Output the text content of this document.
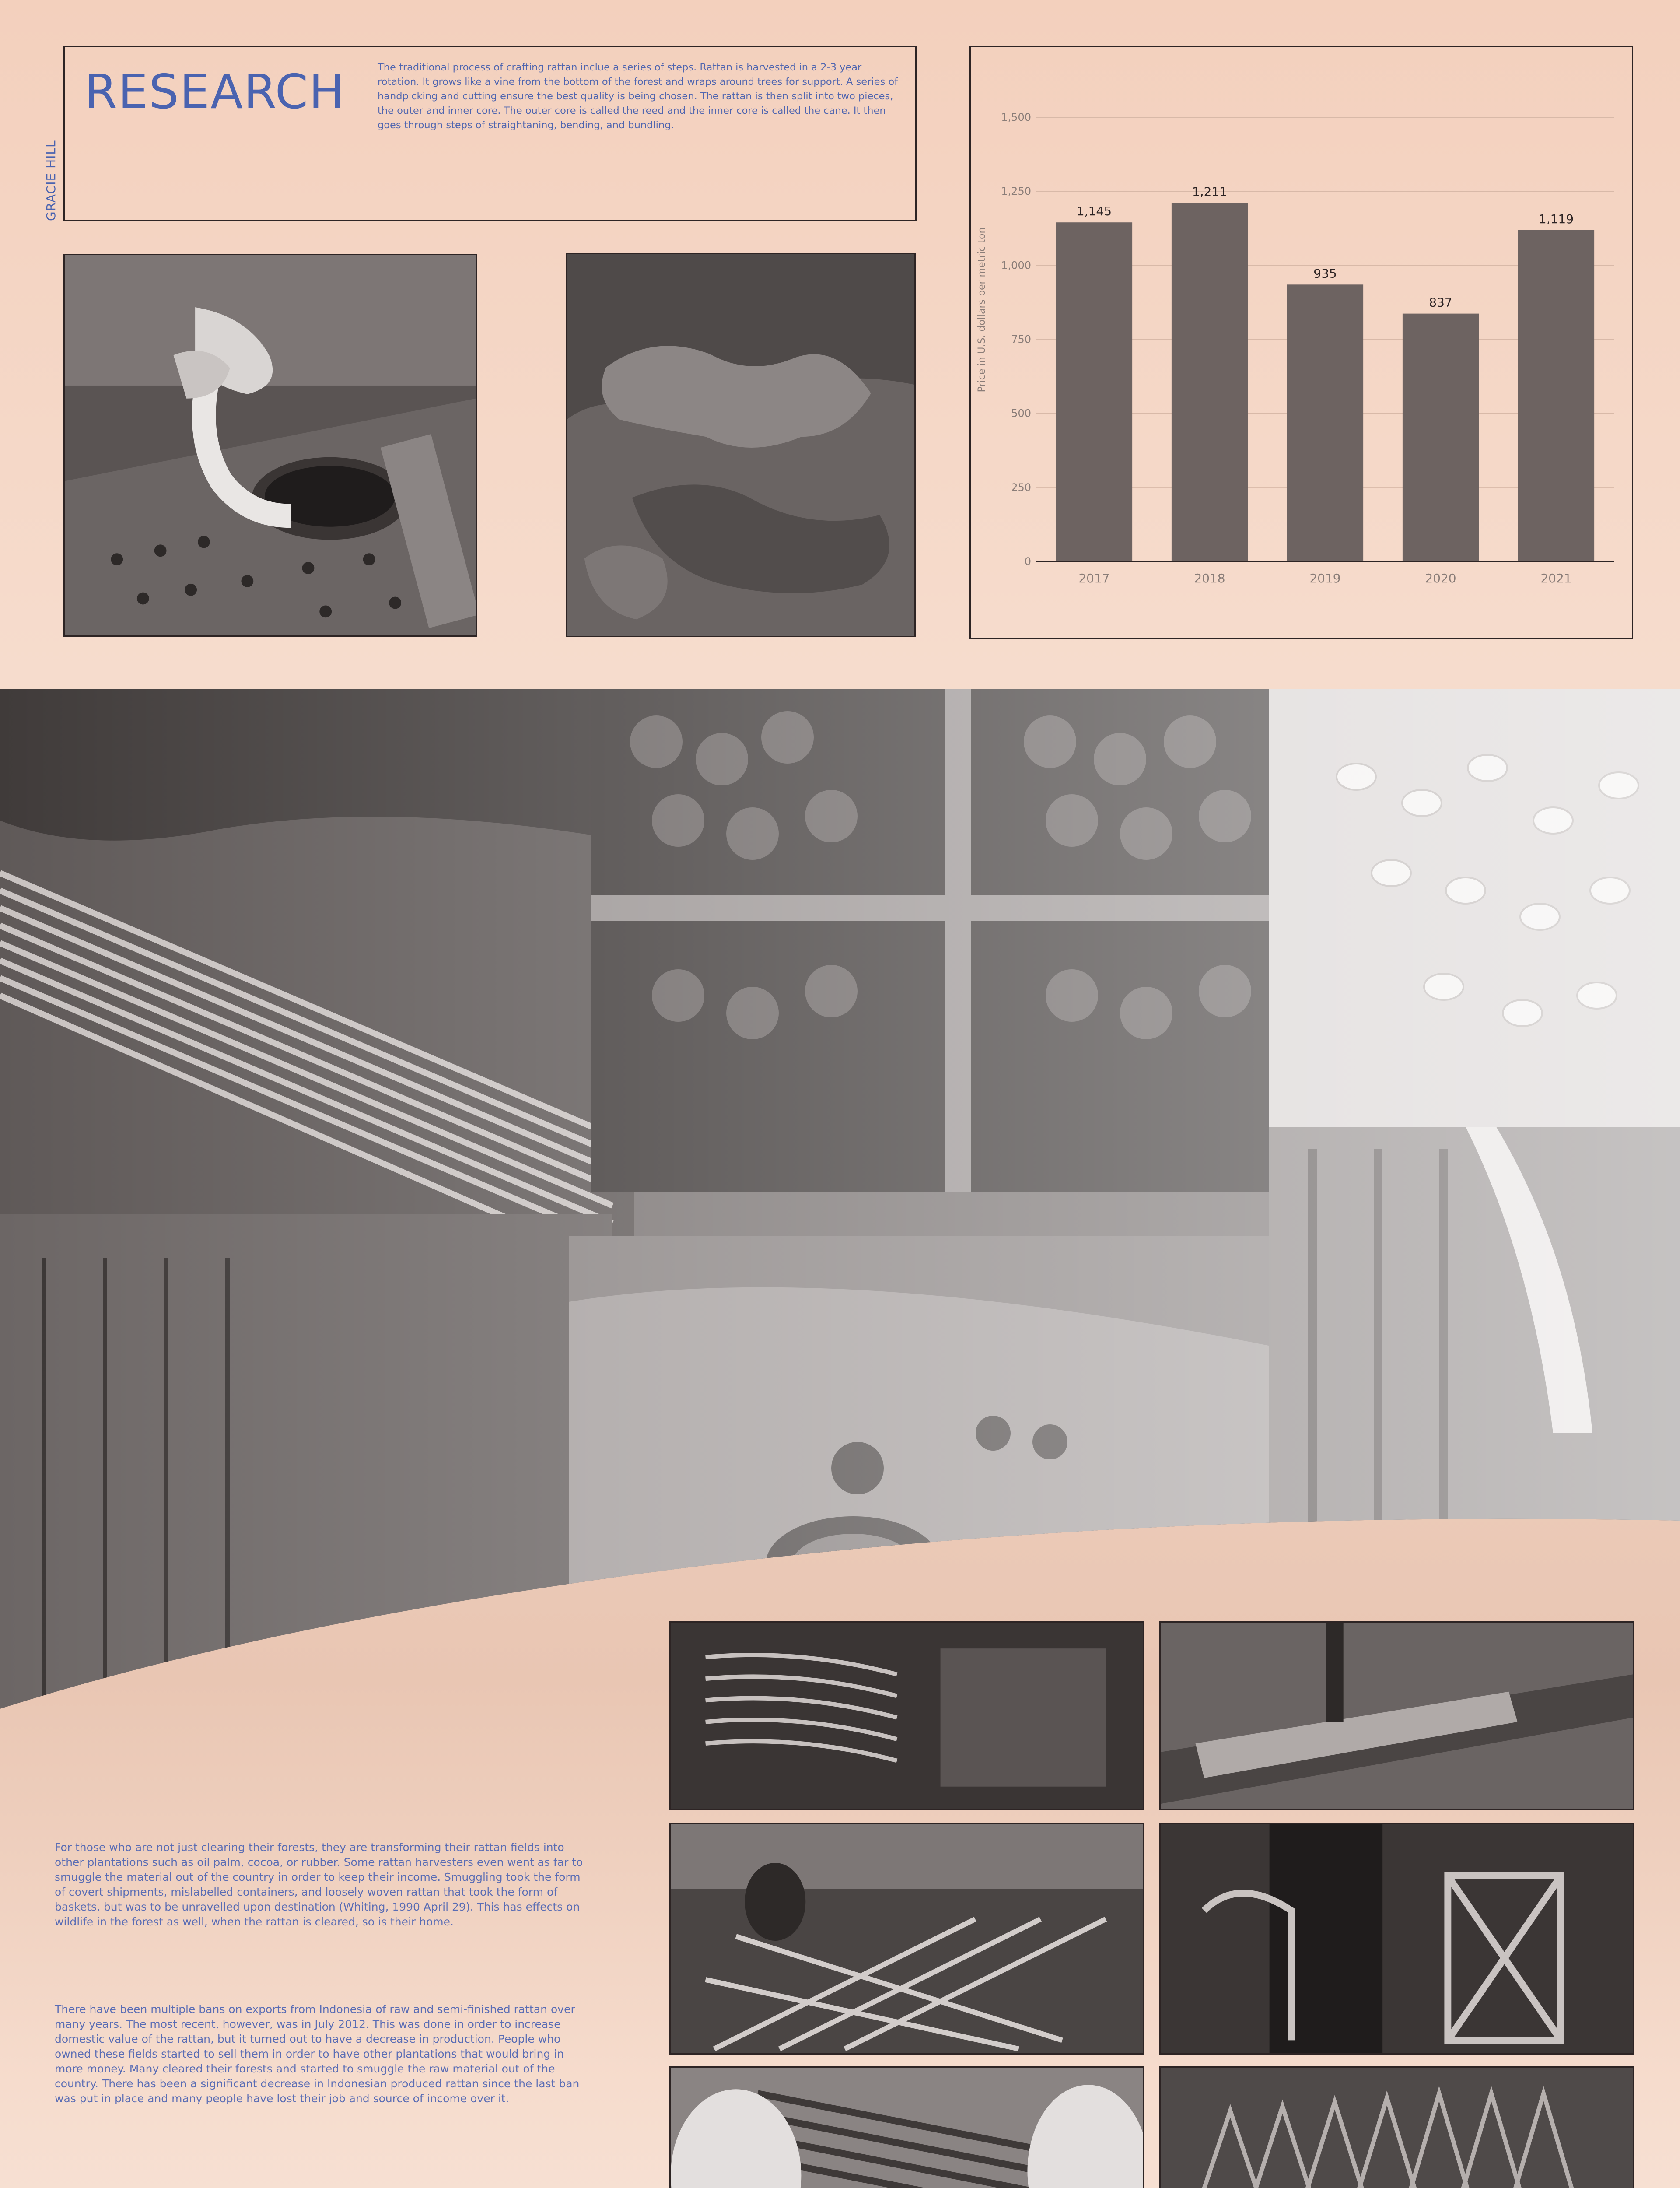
RESEARCH	The traditional process of crafting rattan inclue a series of steps. Rattan is harvested in a 2-3 year rotation. It grows like a vine from the bottom of the forest and wraps around trees for support. A series of handpicking and cutting ensure the best quality is being chosen. The rattan is then split into two pieces, the outer and inner core. The outer core is called the reed and the inner core is called the cane. It then goes through steps of straightaning, bending, and bundling.
GRACIE HILL
0
250
500
750
1,000
1,250
1,500
2017	2018	2019	2020	2021
1,145
1,211
935
837
1,119
Price in U.S. dollars per metric ton
For those who are not just clearing their forests, they are transforming their rattan fields into other plantations such as oil palm, cocoa, or rubber. Some rattan harvesters even went as far to smuggle the material out of the country in order to keep their income. Smuggling took the form of covert shipments, mislabelled containers, and loosely woven rattan that took the form of baskets, but was to be unravelled upon destination (Whiting, 1990 April 29). This has effects on wildlife in the forest as well, when the rattan is cleared, so is their home.
There have been multiple bans on exports from Indonesia of raw and semi-finished rattan over many years. The most recent, however, was in July 2012. This was done in order to increase domestic value of the rattan, but it turned out to have a decrease in production. People who owned these fields started to sell them in order to have other plantations that would bring in more money. Many cleared their forests and started to smuggle the raw material out of the country. There has been a significant decrease in Indonesian produced rattan since the last ban was put in place and many people have lost their job and source of income over it.
